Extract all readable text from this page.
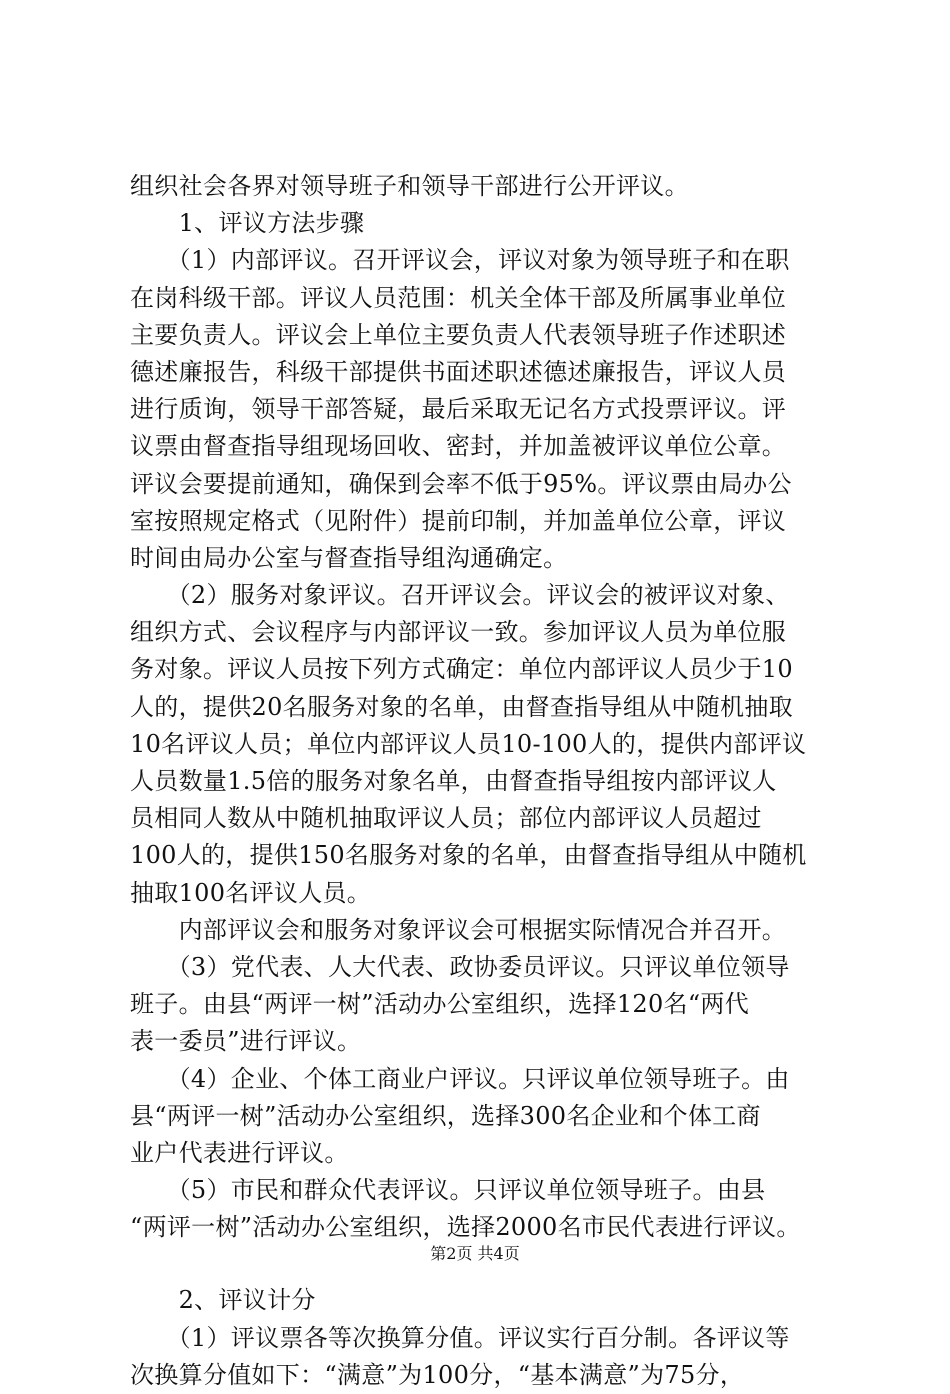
组织社会各界对领导班子和领导干部进行公开评议。
　　1、评议方法步骤
　　（1）内部评议。召开评议会，评议对象为领导班子和在职
在岗科级干部。评议人员范围：机关全体干部及所属事业单位
主要负责人。评议会上单位主要负责人代表领导班子作述职述
德述廉报告，科级干部提供书面述职述德述廉报告，评议人员
进行质询，领导干部答疑，最后采取无记名方式投票评议。评
议票由督查指导组现场回收、密封，并加盖被评议单位公章。
评议会要提前通知，确保到会率不低于95%。评议票由局办公
室按照规定格式（见附件）提前印制，并加盖单位公章，评议
时间由局办公室与督查指导组沟通确定。
　　（2）服务对象评议。召开评议会。评议会的被评议对象、
组织方式、会议程序与内部评议一致。参加评议人员为单位服
务对象。评议人员按下列方式确定：单位内部评议人员少于10
人的，提供20名服务对象的名单，由督查指导组从中随机抽取
10名评议人员；单位内部评议人员10-100人的，提供内部评议
人员数量1.5倍的服务对象名单，由督查指导组按内部评议人
员相同人数从中随机抽取评议人员；部位内部评议人员超过
100人的，提供150名服务对象的名单，由督查指导组从中随机
抽取100名评议人员。
　　内部评议会和服务对象评议会可根据实际情况合并召开。
　　（3）党代表、人大代表、政协委员评议。只评议单位领导
班子。由县“两评一树”活动办公室组织，选择120名“两代
表一委员”进行评议。
　　（4）企业、个体工商业户评议。只评议单位领导班子。由
县“两评一树”活动办公室组织，选择300名企业和个体工商
业户代表进行评议。
　　（5）市民和群众代表评议。只评议单位领导班子。由县
“两评一树”活动办公室组织，选择2000名市民代表进行评议。
　　2、评议计分
　　（1）评议票各等次换算分值。评议实行百分制。各评议等
次换算分值如下：“满意”为100分，“基本满意”为75分，
第2页 共4页
